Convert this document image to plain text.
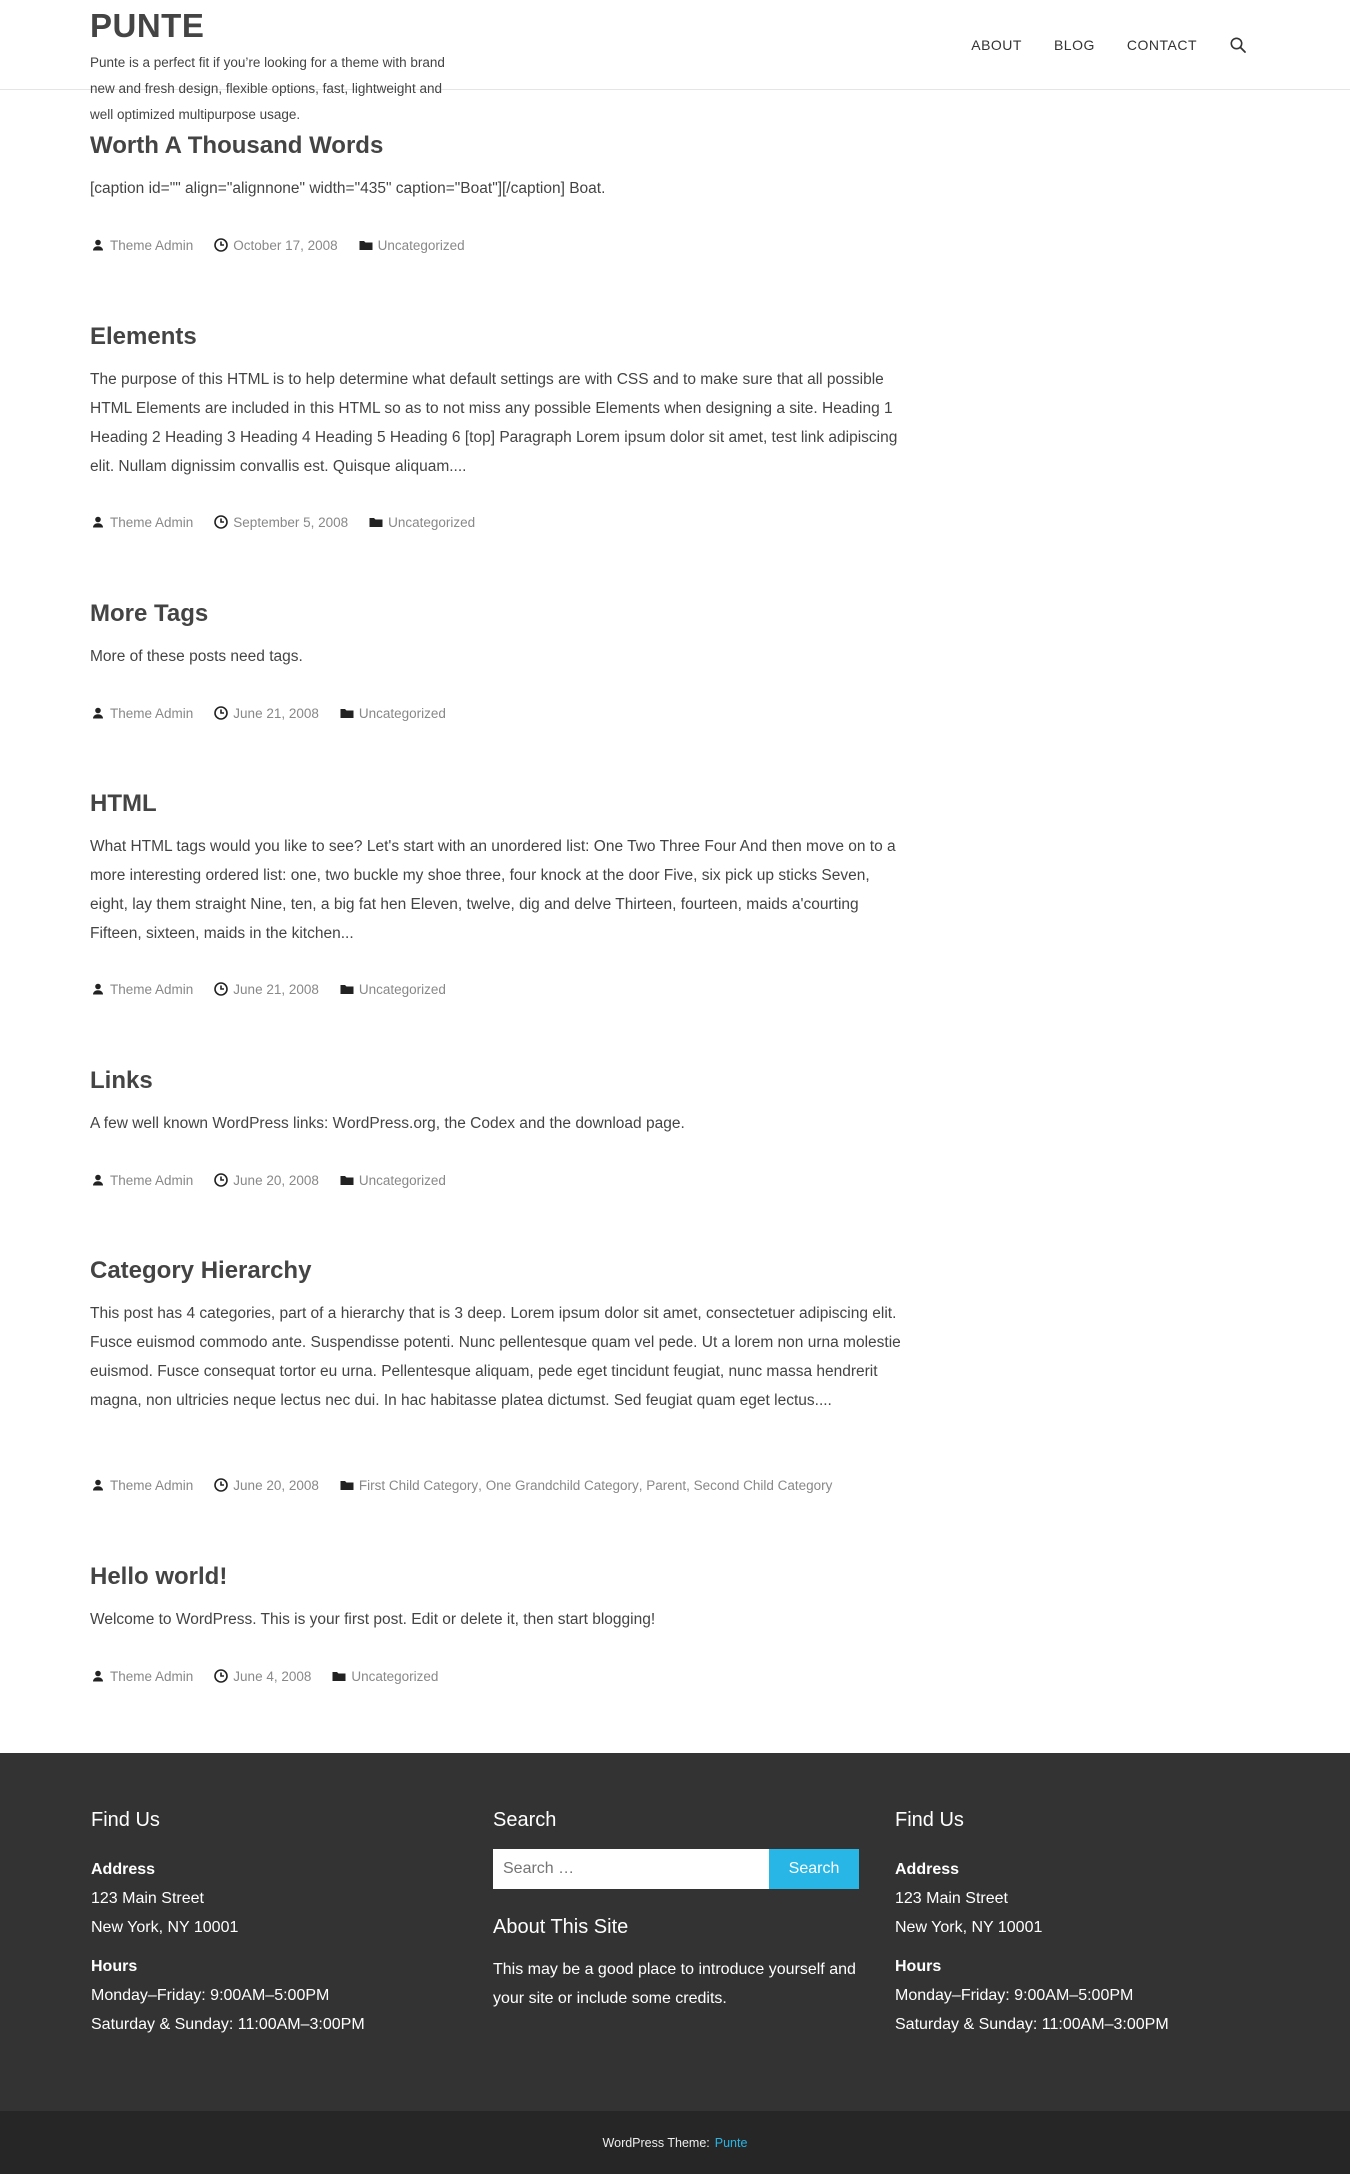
PUNTE

Punte is a perfect fit if you’re looking for a theme with brand new and fresh design, flexible options, fast, lightweight and well optimized multipurpose usage.

ABOUT BLOG CONTACT
Worth A Thousand Words

[caption id="" align="alignnone" width="435" caption="Boat"][/caption] Boat.

Theme Admin	October 17, 2008	Uncategorized
Elements

The purpose of this HTML is to help determine what default settings are with CSS and to make sure that all possible HTML Elements are included in this HTML so as to not miss any possible Elements when designing a site. Heading 1 Heading 2 Heading 3 Heading 4 Heading 5 Heading 6 [top] Paragraph Lorem ipsum dolor sit amet, test link adipiscing elit. Nullam dignissim convallis est. Quisque aliquam....

Theme Admin	September 5, 2008	Uncategorized
More Tags

More of these posts need tags.

Theme Admin	June 21, 2008	Uncategorized
HTML

What HTML tags would you like to see? Let's start with an unordered list: One Two Three Four And then move on to a more interesting ordered list: one, two buckle my shoe three, four knock at the door Five, six pick up sticks Seven, eight, lay them straight Nine, ten, a big fat hen Eleven, twelve, dig and delve Thirteen, fourteen, maids a'courting Fifteen, sixteen, maids in the kitchen...

Theme Admin	June 21, 2008	Uncategorized
Links

A few well known WordPress links: WordPress.org, the Codex and the download page.

Theme Admin	June 20, 2008	Uncategorized
Category Hierarchy

This post has 4 categories, part of a hierarchy that is 3 deep. Lorem ipsum dolor sit amet, consectetuer adipiscing elit. Fusce euismod commodo ante. Suspendisse potenti. Nunc pellentesque quam vel pede. Ut a lorem non urna molestie euismod. Fusce consequat tortor eu urna. Pellentesque aliquam, pede eget tincidunt feugiat, nunc massa hendrerit magna, non ultricies neque lectus nec dui. In hac habitasse platea dictumst. Sed feugiat quam eget lectus....

Theme Admin	June 20, 2008	First Child Category , One Grandchild Category , Parent , Second Child Category
Hello world!

Welcome to WordPress. This is your first post. Edit or delete it, then start blogging!

Theme Admin	June 4, 2008	Uncategorized
Find Us

Address

123 Main Street

New York, NY 10001

Hours

Monday–Friday: 9:00AM–5:00PM

Saturday & Sunday: 11:00AM–3:00PM

Search
Search …
Search
About This Site

This may be a good place to introduce yourself and your site or include some credits.

Find Us

Address

123 Main Street

New York, NY 10001

Hours

Monday–Friday: 9:00AM–5:00PM

Saturday & Sunday: 11:00AM–3:00PM

WordPress Theme: Punte
